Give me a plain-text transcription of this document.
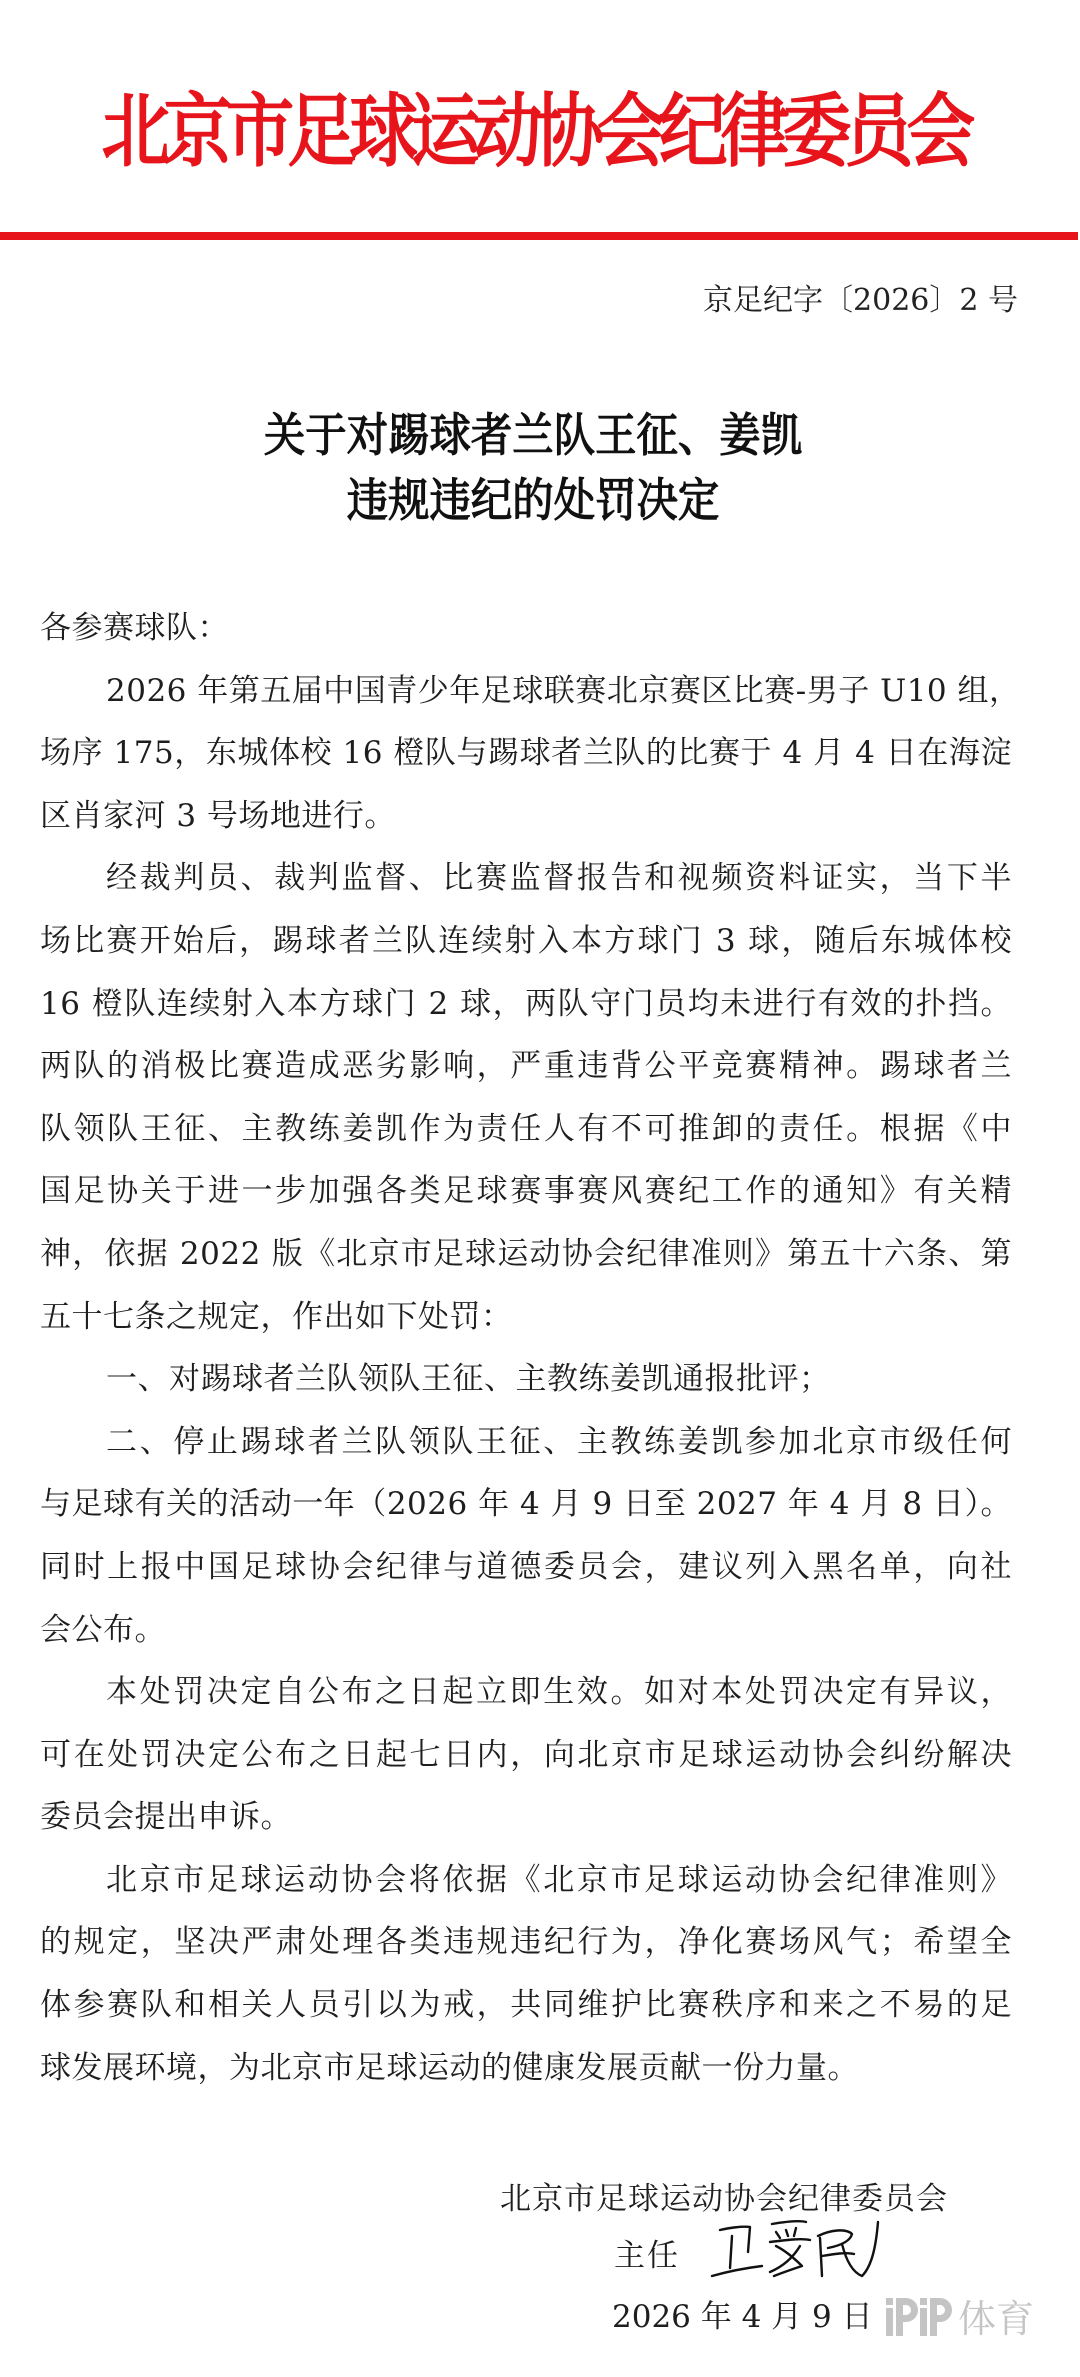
北京市足球运动协会纪律委员会
京足纪字〔2026〕2 号
关于对踢球者兰队王征、姜凯
违规违纪的处罚决定
各参赛球队：
2026 年第五届中国青少年足球联赛北京赛区比赛-男子 U10 组，
场序 175，东城体校 16 橙队与踢球者兰队的比赛于 4 月 4 日在海淀
区肖家河 3 号场地进行。
经裁判员、裁判监督、比赛监督报告和视频资料证实，当下半
场比赛开始后，踢球者兰队连续射入本方球门 3 球，随后东城体校
16 橙队连续射入本方球门 2 球，两队守门员均未进行有效的扑挡。
两队的消极比赛造成恶劣影响，严重违背公平竞赛精神。踢球者兰
队领队王征、主教练姜凯作为责任人有不可推卸的责任。根据《中
国足协关于进一步加强各类足球赛事赛风赛纪工作的通知》有关精
神，依据 2022 版《北京市足球运动协会纪律准则》第五十六条、第
五十七条之规定，作出如下处罚：
一、对踢球者兰队领队王征、主教练姜凯通报批评；
二、停止踢球者兰队领队王征、主教练姜凯参加北京市级任何
与足球有关的活动一年（2026 年 4 月 9 日至 2027 年 4 月 8 日）。
同时上报中国足球协会纪律与道德委员会，建议列入黑名单，向社
会公布。
本处罚决定自公布之日起立即生效。如对本处罚决定有异议，
可在处罚决定公布之日起七日内，向北京市足球运动协会纠纷解决
委员会提出申诉。
北京市足球运动协会将依据《北京市足球运动协会纪律准则》
的规定，坚决严肃处理各类违规违纪行为，净化赛场风气；希望全
体参赛队和相关人员引以为戒，共同维护比赛秩序和来之不易的足
球发展环境，为北京市足球运动的健康发展贡献一份力量。
北京市足球运动协会纪律委员会
主任
2026 年 4 月 9 日 体育
